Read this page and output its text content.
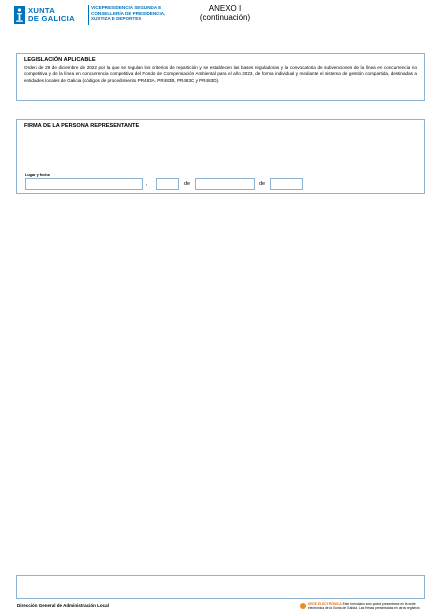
XUNTA
DE GALICIA
VICEPRESIDENCIA SEGUNDA E
CONSELLERÍA DE PRESIDENCIA,
XUSTIZA E DEPORTES
ANEXO I
(continuación)
LEGISLACIÓN APLICABLE
Orden de 29 de diciembre de 2022 por la que se regulan los criterios de repartición y se establecen las bases reguladoras y la convocatoria de subvenciones de la línea en concurrencia no competitiva y de la línea en concurrencia competitiva del Fondo de Compensación Ambiental para el año 2023, de forma individual y mediante el sistema de gestión compartida, destinadas a entidades locales de Galicia (códigos de procedimiento PR483A, PR483B, PR483C y PR483D).
FIRMA DE LA PERSONA REPRESENTANTE
Lugar y fecha
,	de	de
Dirección General de Administración Local	SEDE ELECTRÓNICA Este formulario solo podrá presentarse en la sede electrónica de la Xunta de Galicia. Las firmas presentadas en otros registros
